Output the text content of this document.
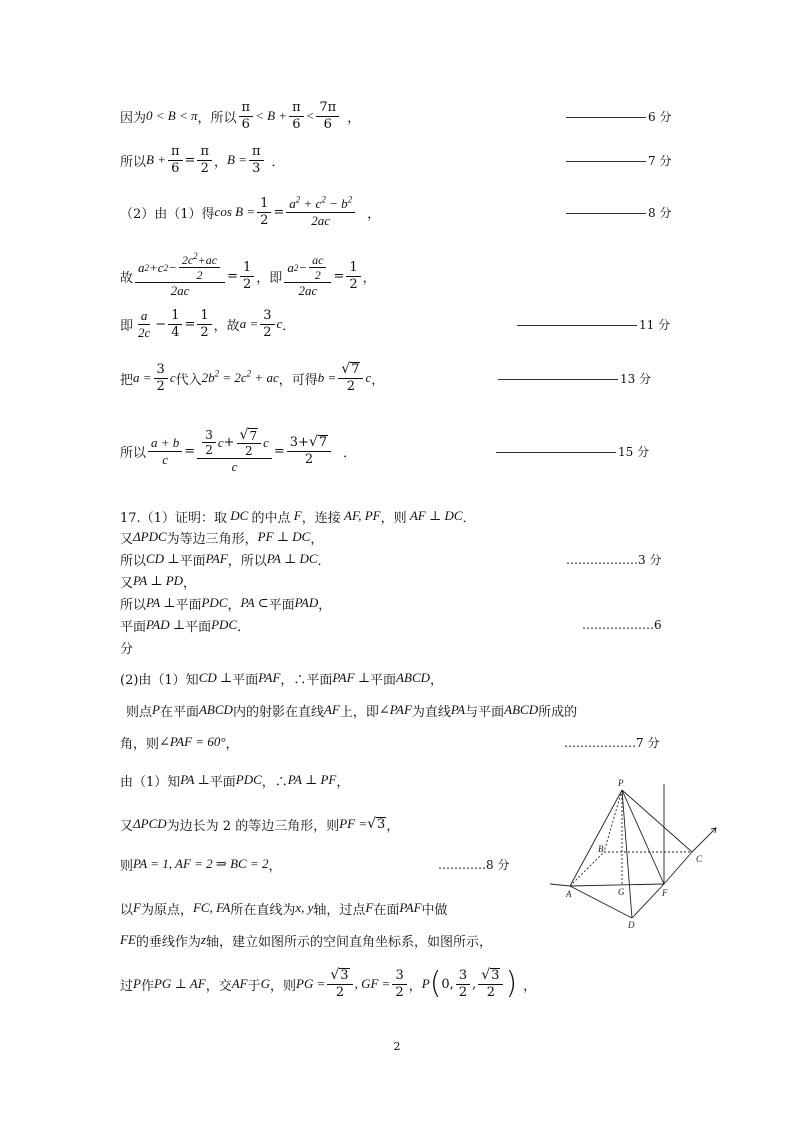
因为 0 < B < π ，所以 $\frac{\pi}{6} < B + \frac{\pi}{6} < \frac{7\pi}{6}$ ，	6 分
所以 $B + \frac{\pi}{6} = \frac{\pi}{2}$ ， $B = \frac{\pi}{3}$ ．	7 分
（2）由（1）得 $\cos B = \frac{1}{2} = \frac{a^2 + c^2 - b^2}{2ac}$ ，	8 分
故 $\frac{a 2 +c 2 - \frac{2c^2+ac}{2}}{2ac} = \frac{1}{2}$ ，即 $\frac{a 2 - \frac{ac}{2}}{2ac} = \frac{1}{2}$ ，
即 $\frac{a}{2c} - \frac{1}{4} = \frac{1}{2}$ ，故 $a = \frac{3}{2}$ c ．	11 分
把 $a = \frac{3}{2}$ c 代入 $2b^2 = 2c^2$ + ac ，可得 $b = \frac{√ 7}{2}$ c ，	13 分
所以 $\frac{a + b}{c} = \frac{\frac{3}{2} c + \frac{√ 7}{2} c}{c} = \frac{3+ √ 7}{2}$ ．	15 分
17.（1）证明：取 DC 的中点 F ，连接 AF, PF ，则 AF ⊥ DC ．
又 ΔPDC 为等边三角形， PF ⊥ DC ，
所以 CD ⊥ 平面 PAF ，所以 PA ⊥ DC ．	………………3 分
又 PA ⊥ PD ，
所以 PA ⊥ 平面 PDC ， PA ⊂ 平面 PAD ，
平面 PAD ⊥ 平面 PDC ．	………………6
分
(2)由（1）知 CD ⊥ 平面 PAF ，∴平面 PAF ⊥ 平面 ABCD ，
则点 P 在平面 ABCD 内的射影在直线 AF 上，即 ∠PAF 为直线 PA 与平面 ABCD 所成的
角，则 ∠PAF = 60° ，	………………7 分
由（1）知 PA ⊥ 平面 PDC ，∴ PA ⊥ PF ，
又 ΔPCD 为边长为 2 的等边三角形，则 PF = √ 3 ，
则 PA = 1, AF = 2 ⇒ BC = 2 ，	…………8 分
以 F 为原点， FC, FA 所在直线为 x, y 轴，过点 F 在面 PAF 中做
FE 的垂线作为 z 轴，建立如图所示的空间直角坐标系，如图所示，
过 P 作 PG ⊥ AF ，交 AF 于 G ，则 PG = $\frac{√ 3}{2}$ , GF = $\frac{3}{2}$ ， P ( 0, $\frac{3}{2}$ , $\frac{√ 3}{2}$ ) ，
P
B
C
A	G	F
D
2
